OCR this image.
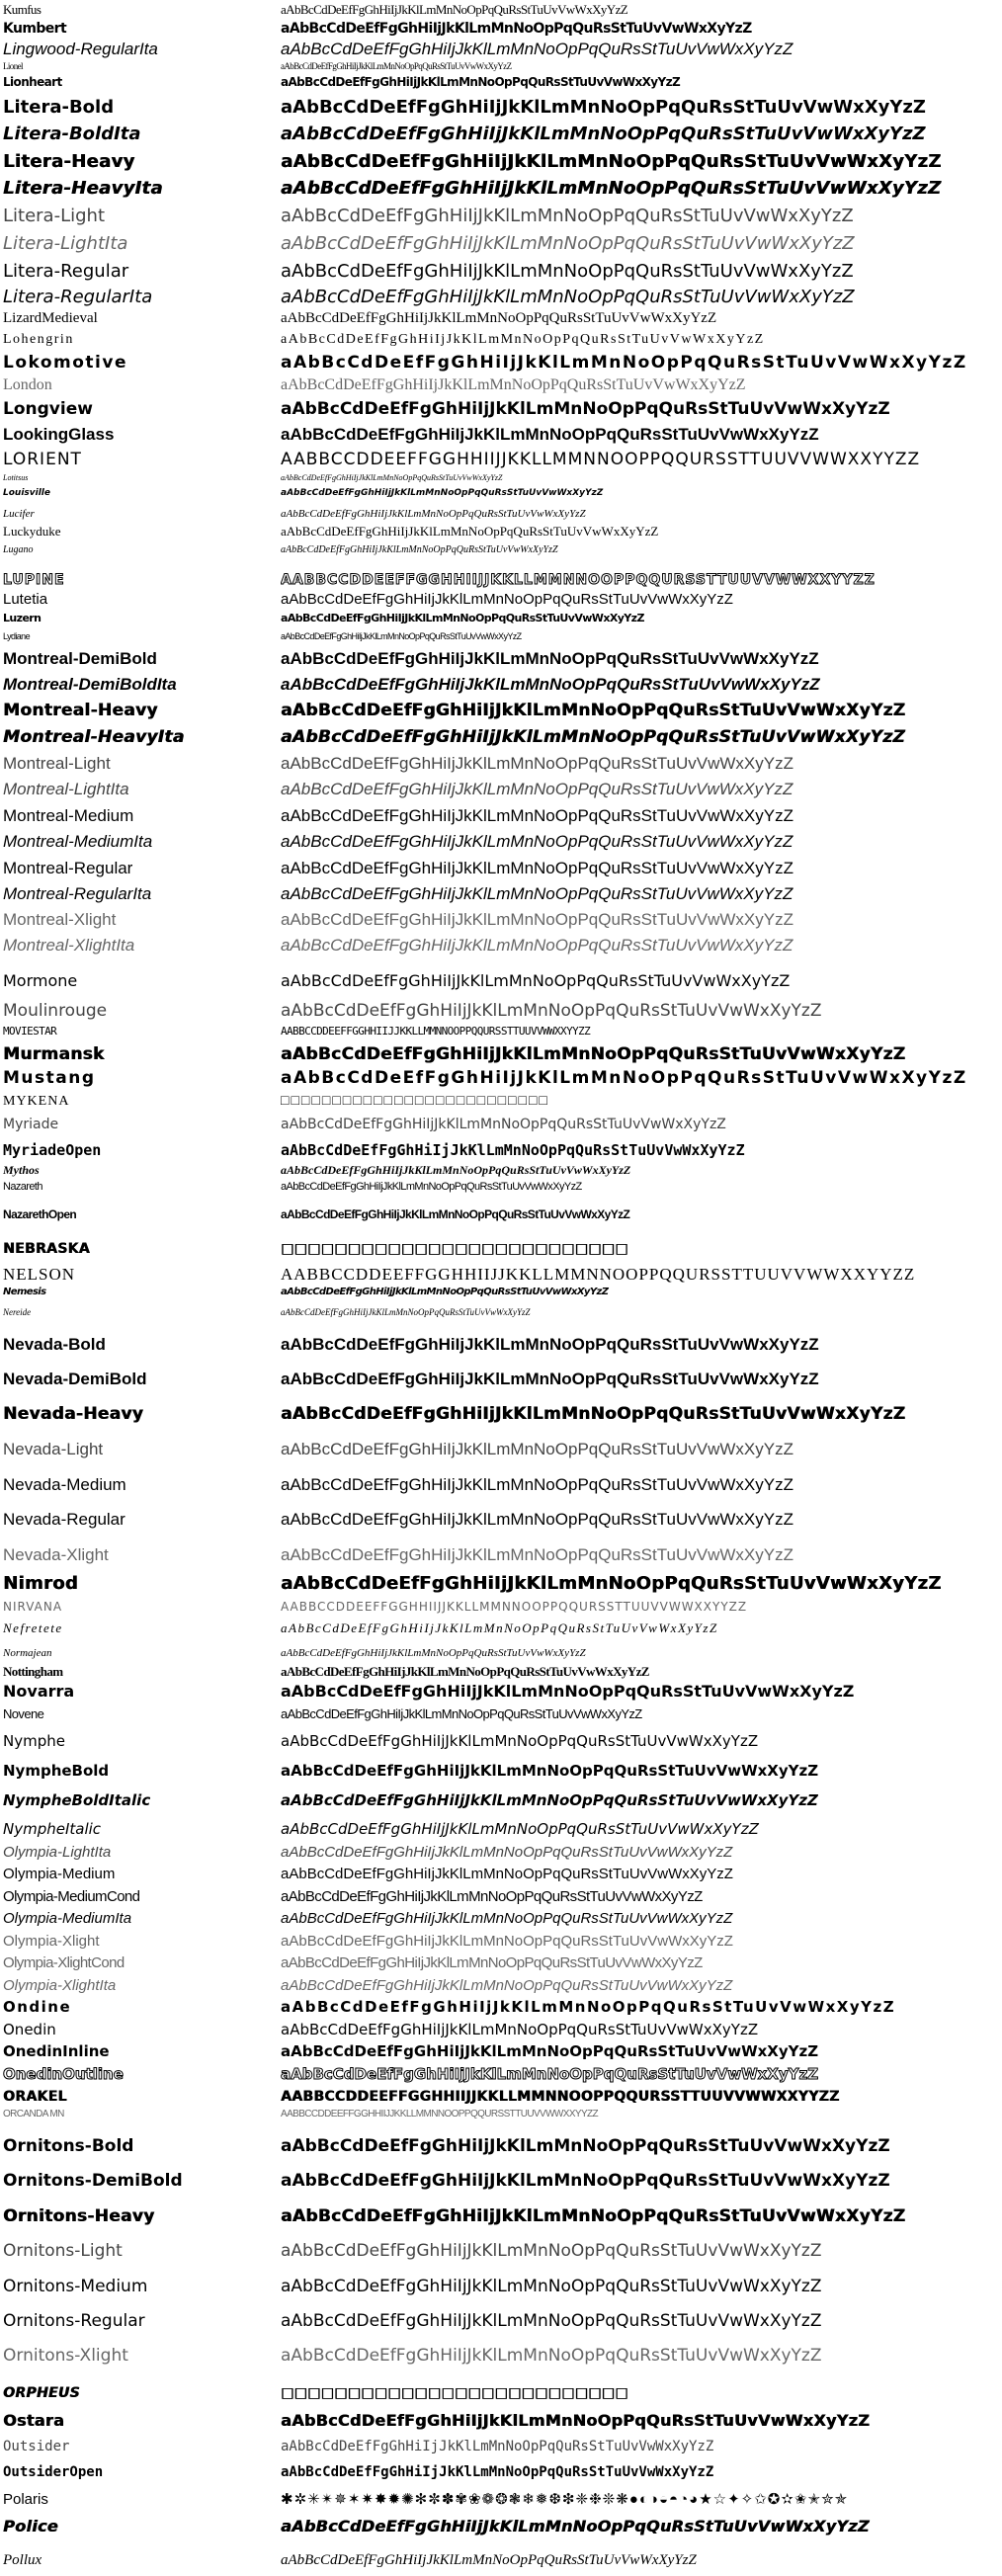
Kumfus	aAbBcCdDeEfFgGhHiIjJkKlLmMnNoOpPqQuRsStTuUvVwWxXyYzZ
Kumbert	aAbBcCdDeEfFgGhHiIjJkKlLmMnNoOpPqQuRsStTuUvVwWxXyYzZ
Lingwood-RegularIta	aAbBcCdDeEfFgGhHiIjJkKlLmMnNoOpPqQuRsStTuUvVwWxXyYzZ
Lionel	aAbBcCdDeEfFgGhHiIjJkKlLmMnNoOpPqQuRsStTuUvVwWxXyYzZ
Lionheart	aAbBcCdDeEfFgGhHiIjJkKlLmMnNoOpPqQuRsStTuUvVwWxXyYzZ
Litera-Bold	aAbBcCdDeEfFgGhHiIjJkKlLmMnNoOpPqQuRsStTuUvVwWxXyYzZ
Litera-BoldIta	aAbBcCdDeEfFgGhHiIjJkKlLmMnNoOpPqQuRsStTuUvVwWxXyYzZ
Litera-Heavy	aAbBcCdDeEfFgGhHiIjJkKlLmMnNoOpPqQuRsStTuUvVwWxXyYzZ
Litera-HeavyIta	aAbBcCdDeEfFgGhHiIjJkKlLmMnNoOpPqQuRsStTuUvVwWxXyYzZ
Litera-Light	aAbBcCdDeEfFgGhHiIjJkKlLmMnNoOpPqQuRsStTuUvVwWxXyYzZ
Litera-LightIta	aAbBcCdDeEfFgGhHiIjJkKlLmMnNoOpPqQuRsStTuUvVwWxXyYzZ
Litera-Regular	aAbBcCdDeEfFgGhHiIjJkKlLmMnNoOpPqQuRsStTuUvVwWxXyYzZ
Litera-RegularIta	aAbBcCdDeEfFgGhHiIjJkKlLmMnNoOpPqQuRsStTuUvVwWxXyYzZ
LizardMedieval	aAbBcCdDeEfFgGhHiIjJkKlLmMnNoOpPqQuRsStTuUvVwWxXyYzZ
Lohengrin	aAbBcCdDeEfFgGhHiIjJkKlLmMnNoOpPqQuRsStTuUvVwWxXyYzZ
Lokomotive	aAbBcCdDeEfFgGhHiIjJkKlLmMnNoOpPqQuRsStTuUvVwWxXyYzZ
London	aAbBcCdDeEfFgGhHiIjJkKlLmMnNoOpPqQuRsStTuUvVwWxXyYzZ
Longview	aAbBcCdDeEfFgGhHiIjJkKlLmMnNoOpPqQuRsStTuUvVwWxXyYzZ
LookingGlass	aAbBcCdDeEfFgGhHiIjJkKlLmMnNoOpPqQuRsStTuUvVwWxXyYzZ
LORIENT	AABBCCDDEEFFGGHHIIJJKKLLMMNNOOPPQQURSSTTUUVVWWXXYYZZ
Lotitsus	aAbBcCdDeEfFgGhHiIjJkKlLmMnNoOpPqQuRsStTuUvVwWxXyYzZ
Louisville	aAbBcCdDeEfFgGhHiIjJkKlLmMnNoOpPqQuRsStTuUvVwWxXyYzZ
Lucifer	aAbBcCdDeEfFgGhHiIjJkKlLmMnNoOpPqQuRsStTuUvVwWxXyYzZ
Luckyduke	aAbBcCdDeEfFgGhHiIjJkKlLmMnNoOpPqQuRsStTuUvVwWxXyYzZ
Lugano	aAbBcCdDeEfFgGhHiIjJkKlLmMnNoOpPqQuRsStTuUvVwWxXyYzZ
LUPINE	AABBCCDDEEFFGGHHIIJJKKLLMMNNOOPPQQURSSTTUUVVWWXXYYZZ
Lutetia	aAbBcCdDeEfFgGhHiIjJkKlLmMnNoOpPqQuRsStTuUvVwWxXyYzZ
Luzern	aAbBcCdDeEfFgGhHiIjJkKlLmMnNoOpPqQuRsStTuUvVwWxXyYzZ
Lydiane	aAbBcCdDeEfFgGhHiIjJkKlLmMnNoOpPqQuRsStTuUvVwWxXyYzZ
Montreal-DemiBold	aAbBcCdDeEfFgGhHiIjJkKlLmMnNoOpPqQuRsStTuUvVwWxXyYzZ
Montreal-DemiBoldIta	aAbBcCdDeEfFgGhHiIjJkKlLmMnNoOpPqQuRsStTuUvVwWxXyYzZ
Montreal-Heavy	aAbBcCdDeEfFgGhHiIjJkKlLmMnNoOpPqQuRsStTuUvVwWxXyYzZ
Montreal-HeavyIta	aAbBcCdDeEfFgGhHiIjJkKlLmMnNoOpPqQuRsStTuUvVwWxXyYzZ
Montreal-Light	aAbBcCdDeEfFgGhHiIjJkKlLmMnNoOpPqQuRsStTuUvVwWxXyYzZ
Montreal-LightIta	aAbBcCdDeEfFgGhHiIjJkKlLmMnNoOpPqQuRsStTuUvVwWxXyYzZ
Montreal-Medium	aAbBcCdDeEfFgGhHiIjJkKlLmMnNoOpPqQuRsStTuUvVwWxXyYzZ
Montreal-MediumIta	aAbBcCdDeEfFgGhHiIjJkKlLmMnNoOpPqQuRsStTuUvVwWxXyYzZ
Montreal-Regular	aAbBcCdDeEfFgGhHiIjJkKlLmMnNoOpPqQuRsStTuUvVwWxXyYzZ
Montreal-RegularIta	aAbBcCdDeEfFgGhHiIjJkKlLmMnNoOpPqQuRsStTuUvVwWxXyYzZ
Montreal-Xlight	aAbBcCdDeEfFgGhHiIjJkKlLmMnNoOpPqQuRsStTuUvVwWxXyYzZ
Montreal-XlightIta	aAbBcCdDeEfFgGhHiIjJkKlLmMnNoOpPqQuRsStTuUvVwWxXyYzZ
Mormone	aAbBcCdDeEfFgGhHiIjJkKlLmMnNoOpPqQuRsStTuUvVwWxXyYzZ
Moulinrouge	aAbBcCdDeEfFgGhHiIjJkKlLmMnNoOpPqQuRsStTuUvVwWxXyYzZ
MOVIESTAR	AABBCCDDEEFFGGHHIIJJKKLLMMNNOOPPQQURSSTTUUVVWWXXYYZZ
Murmansk	aAbBcCdDeEfFgGhHiIjJkKlLmMnNoOpPqQuRsStTuUvVwWxXyYzZ
Mustang	aAbBcCdDeEfFgGhHiIjJkKlLmMnNoOpPqQuRsStTuUvVwWxXyYzZ
MYKENA	□□□□□□□□□□□□□□□□□□□□□□□□□□
Myriade	aAbBcCdDeEfFgGhHiIjJkKlLmMnNoOpPqQuRsStTuUvVwWxXyYzZ
MyriadeOpen	aAbBcCdDeEfFgGhHiIjJkKlLmMnNoOpPqQuRsStTuUvVwWxXyYzZ
Mythos	aAbBcCdDeEfFgGhHiIjJkKlLmMnNoOpPqQuRsStTuUvVwWxXyYzZ
Nazareth	aAbBcCdDeEfFgGhHiIjJkKlLmMnNoOpPqQuRsStTuUvVwWxXyYzZ
NazarethOpen	aAbBcCdDeEfFgGhHiIjJkKlLmMnNoOpPqQuRsStTuUvVwWxXyYzZ
NEBRASKA	□□□□□□□□□□□□□□□□□□□□□□□□□□
NELSON	AABBCCDDEEFFGGHHIIJJKKLLMMNNOOPPQQURSSTTUUVVWWXXYYZZ
Nemesis	aAbBcCdDeEfFgGhHiIjJkKlLmMnNoOpPqQuRsStTuUvVwWxXyYzZ
Nereide	aAbBcCdDeEfFgGhHiIjJkKlLmMnNoOpPqQuRsStTuUvVwWxXyYzZ
Nevada-Bold	aAbBcCdDeEfFgGhHiIjJkKlLmMnNoOpPqQuRsStTuUvVwWxXyYzZ
Nevada-DemiBold	aAbBcCdDeEfFgGhHiIjJkKlLmMnNoOpPqQuRsStTuUvVwWxXyYzZ
Nevada-Heavy	aAbBcCdDeEfFgGhHiIjJkKlLmMnNoOpPqQuRsStTuUvVwWxXyYzZ
Nevada-Light	aAbBcCdDeEfFgGhHiIjJkKlLmMnNoOpPqQuRsStTuUvVwWxXyYzZ
Nevada-Medium	aAbBcCdDeEfFgGhHiIjJkKlLmMnNoOpPqQuRsStTuUvVwWxXyYzZ
Nevada-Regular	aAbBcCdDeEfFgGhHiIjJkKlLmMnNoOpPqQuRsStTuUvVwWxXyYzZ
Nevada-Xlight	aAbBcCdDeEfFgGhHiIjJkKlLmMnNoOpPqQuRsStTuUvVwWxXyYzZ
Nimrod	aAbBcCdDeEfFgGhHiIjJkKlLmMnNoOpPqQuRsStTuUvVwWxXyYzZ
NIRVANA	AABBCCDDEEFFGGHHIIJJKKLLMMNNOOPPQQURSSTTUUVVWWXXYYZZ
Nefretete	aAbBcCdDeEfFgGhHiIjJkKlLmMnNoOpPqQuRsStTuUvVwWxXyYzZ
Normajean	aAbBcCdDeEfFgGhHiIjJkKlLmMnNoOpPqQuRsStTuUvVwWxXyYzZ
Nottingham	aAbBcCdDeEfFgGhHiIjJkKlLmMnNoOpPqQuRsStTuUvVwWxXyYzZ
Novarra	aAbBcCdDeEfFgGhHiIjJkKlLmMnNoOpPqQuRsStTuUvVwWxXyYzZ
Novene	aAbBcCdDeEfFgGhHiIjJkKlLmMnNoOpPqQuRsStTuUvVwWxXyYzZ
Nymphe	aAbBcCdDeEfFgGhHiIjJkKlLmMnNoOpPqQuRsStTuUvVwWxXyYzZ
NympheBold	aAbBcCdDeEfFgGhHiIjJkKlLmMnNoOpPqQuRsStTuUvVwWxXyYzZ
NympheBoldItalic	aAbBcCdDeEfFgGhHiIjJkKlLmMnNoOpPqQuRsStTuUvVwWxXyYzZ
NympheItalic	aAbBcCdDeEfFgGhHiIjJkKlLmMnNoOpPqQuRsStTuUvVwWxXyYzZ
Olympia-LightIta	aAbBcCdDeEfFgGhHiIjJkKlLmMnNoOpPqQuRsStTuUvVwWxXyYzZ
Olympia-Medium	aAbBcCdDeEfFgGhHiIjJkKlLmMnNoOpPqQuRsStTuUvVwWxXyYzZ
Olympia-MediumCond	aAbBcCdDeEfFgGhHiIjJkKlLmMnNoOpPqQuRsStTuUvVwWxXyYzZ
Olympia-MediumIta	aAbBcCdDeEfFgGhHiIjJkKlLmMnNoOpPqQuRsStTuUvVwWxXyYzZ
Olympia-Xlight	aAbBcCdDeEfFgGhHiIjJkKlLmMnNoOpPqQuRsStTuUvVwWxXyYzZ
Olympia-XlightCond	aAbBcCdDeEfFgGhHiIjJkKlLmMnNoOpPqQuRsStTuUvVwWxXyYzZ
Olympia-XlightIta	aAbBcCdDeEfFgGhHiIjJkKlLmMnNoOpPqQuRsStTuUvVwWxXyYzZ
Ondine	aAbBcCdDeEfFgGhHiIjJkKlLmMnNoOpPqQuRsStTuUvVwWxXyYzZ
Onedin	aAbBcCdDeEfFgGhHiIjJkKlLmMnNoOpPqQuRsStTuUvVwWxXyYzZ
OnedinInline	aAbBcCdDeEfFgGhHiIjJkKlLmMnNoOpPqQuRsStTuUvVwWxXyYzZ
OnedinOutline	aAbBcCdDeEfFgGhHiIjJkKlLmMnNoOpPqQuRsStTuUvVwWxXyYzZ
ORAKEL	AABBCCDDEEFFGGHHIIJJKKLLMMNNOOPPQQURSSTTUUVVWWXXYYZZ
ORCANDA MN	AABBCCDDEEFFGGHHIIJJKKLLMMNNOOPPQQURSSTTUUVVWWXXYYZZ
Ornitons-Bold	aAbBcCdDeEfFgGhHiIjJkKlLmMnNoOpPqQuRsStTuUvVwWxXyYzZ
Ornitons-DemiBold	aAbBcCdDeEfFgGhHiIjJkKlLmMnNoOpPqQuRsStTuUvVwWxXyYzZ
Ornitons-Heavy	aAbBcCdDeEfFgGhHiIjJkKlLmMnNoOpPqQuRsStTuUvVwWxXyYzZ
Ornitons-Light	aAbBcCdDeEfFgGhHiIjJkKlLmMnNoOpPqQuRsStTuUvVwWxXyYzZ
Ornitons-Medium	aAbBcCdDeEfFgGhHiIjJkKlLmMnNoOpPqQuRsStTuUvVwWxXyYzZ
Ornitons-Regular	aAbBcCdDeEfFgGhHiIjJkKlLmMnNoOpPqQuRsStTuUvVwWxXyYzZ
Ornitons-Xlight	aAbBcCdDeEfFgGhHiIjJkKlLmMnNoOpPqQuRsStTuUvVwWxXyYzZ
ORPHEUS	□□□□□□□□□□□□□□□□□□□□□□□□□□
Ostara	aAbBcCdDeEfFgGhHiIjJkKlLmMnNoOpPqQuRsStTuUvVwWxXyYzZ
Outsider	aAbBcCdDeEfFgGhHiIjJkKlLmMnNoOpPqQuRsStTuUvVwWxXyYzZ
OutsiderOpen	aAbBcCdDeEfFgGhHiIjJkKlLmMnNoOpPqQuRsStTuUvVwWxXyYzZ
Polaris	✱✲✳✴✵✶✷✸✹✺✻✼✽✾❀❁❂❃❄❅❆❇❈❉❊❋●◐◑◒◓◔◕★☆✦✧✩✪✫✬✭✮✯
Police	aAbBcCdDeEfFgGhHiIjJkKlLmMnNoOpPqQuRsStTuUvVwWxXyYzZ
Pollux	aAbBcCdDeEfFgGhHiIjJkKlLmMnNoOpPqQuRsStTuUvVwWxXyYzZ
